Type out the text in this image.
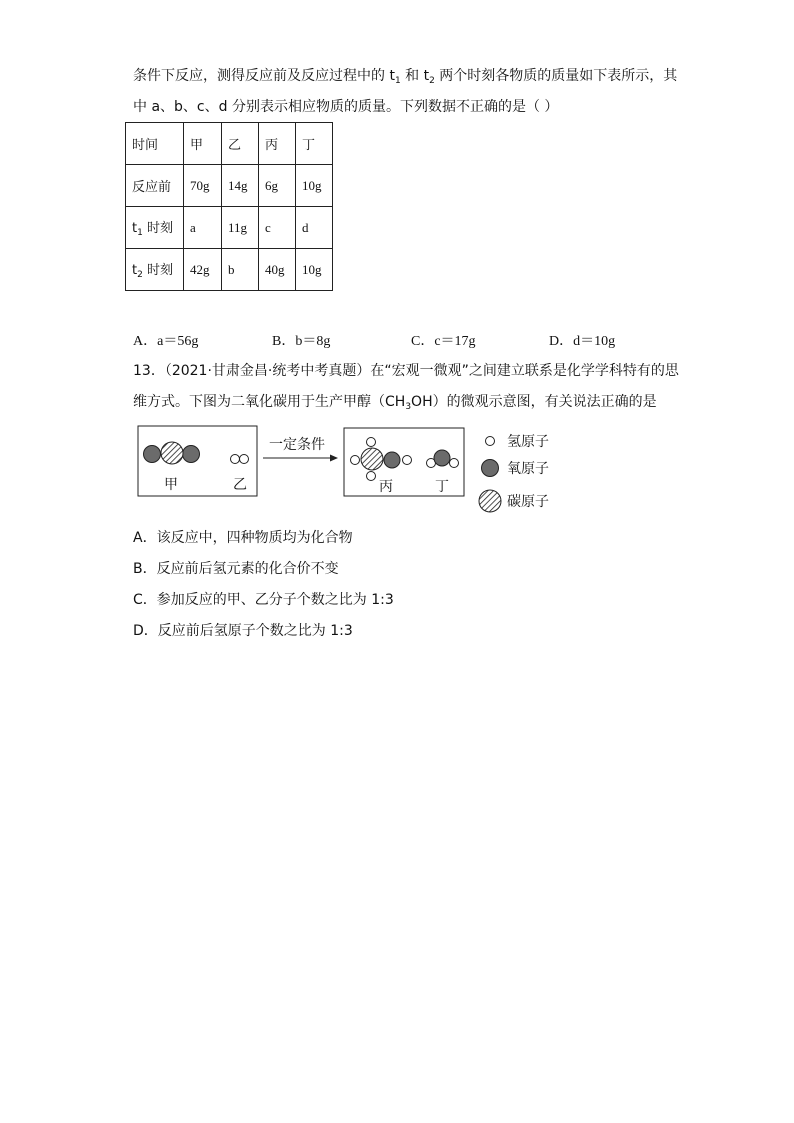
条件下反应，测得反应前及反应过程中的 $t_1$ 和 $t_2$ 两个时刻各物质的质量如下表所示，其
中 a、b、c、d 分别表示相应物质的质量。下列数据不正确的是（ ）
时间	甲	乙	丙	丁
反应前	70g	14g	6g	10g
$t_1$ 时刻	a	11g	c	d
$t_2$ 时刻	42g	b	40g	10g
A．a＝56g	B．b＝8g	C．c＝17g	D．d＝10g
13．（2021·甘肃金昌·统考中考真题）在“宏观一微观”之间建立联系是化学学科特有的思
维方式。下图为二氧化碳用于生产甲醇$(CH_3OH)$的微观示意图，有关说法正确的是
甲	乙
一定条件
丙	丁
氢原子
氧原子
碳原子
A．该反应中，四种物质均为化合物
B．反应前后氢元素的化合价不变
C．参加反应的甲、乙分子个数之比为 1:3
D．反应前后氢原子个数之比为 1:3
